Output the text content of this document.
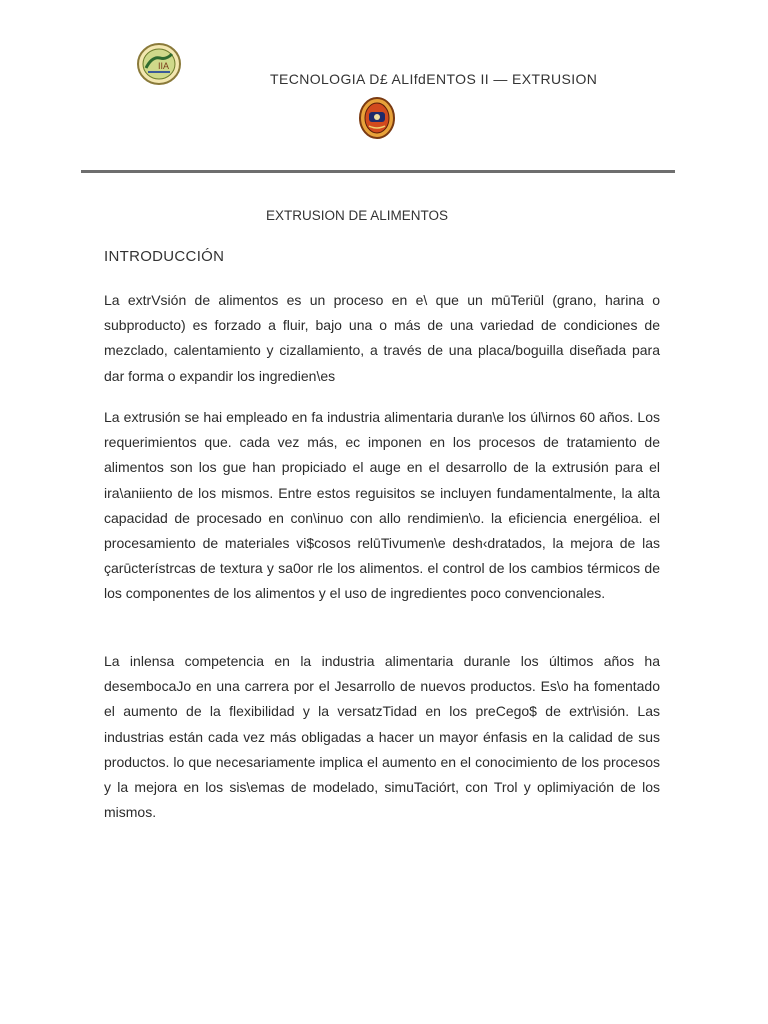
IIA
TECNOLOGIA D£ ALIfdENTOS II — EXTRUSION
EXTRUSION DE ALIMENTOS
INTRODUCCIÓN

La extrVsión de alimentos es un proceso en e\ que un mūTeriūl (grano, harina o subproducto) es forzado a fluir, bajo una o más de una variedad de condiciones de mezclado, calentamiento y cizallamiento, a través de una placa/boguilla diseñada para dar forma o expandir los ingredien\es

La extrusión se hai empleado en fa industria alimentaria duran\e los úl\irnos 60 años. Los requerimientos que. cada vez más, ec imponen en los procesos de tratamiento de alimentos son los gue han propiciado el auge en el desarrollo de la extrusión para el ira\aniiento de los mismos. Entre estos reguisitos se incluyen fundamentalmente, la alta capacidad de procesado en con\inuo con allo rendimien\o. la eficiencia energélioa. el procesamiento de materiales vi$cosos relūTivumen\e desh‹dratados, la mejora de las çarūcterístrcas de textura y sa0or rle los alimentos. el control de los cambios térmicos de los componentes de los alimentos y el uso de ingredientes poco convencionales.

La inlensa competencia en la industria alimentaria duranle los últimos años ha desembocaJo en una carrera por el Jesarrollo de nuevos productos. Es\o ha fomentado el aumento de la flexibilidad y la versatzTidad en los preCego$ de extr\isión. Las industrias están cada vez más obligadas a hacer un mayor énfasis en la calidad de sus productos. lo que necesariamente implica el aumento en el conocimiento de los procesos y la mejora en los sis\emas de modelado, simuTaciórt, con Trol y oplimiyación de los mismos.
